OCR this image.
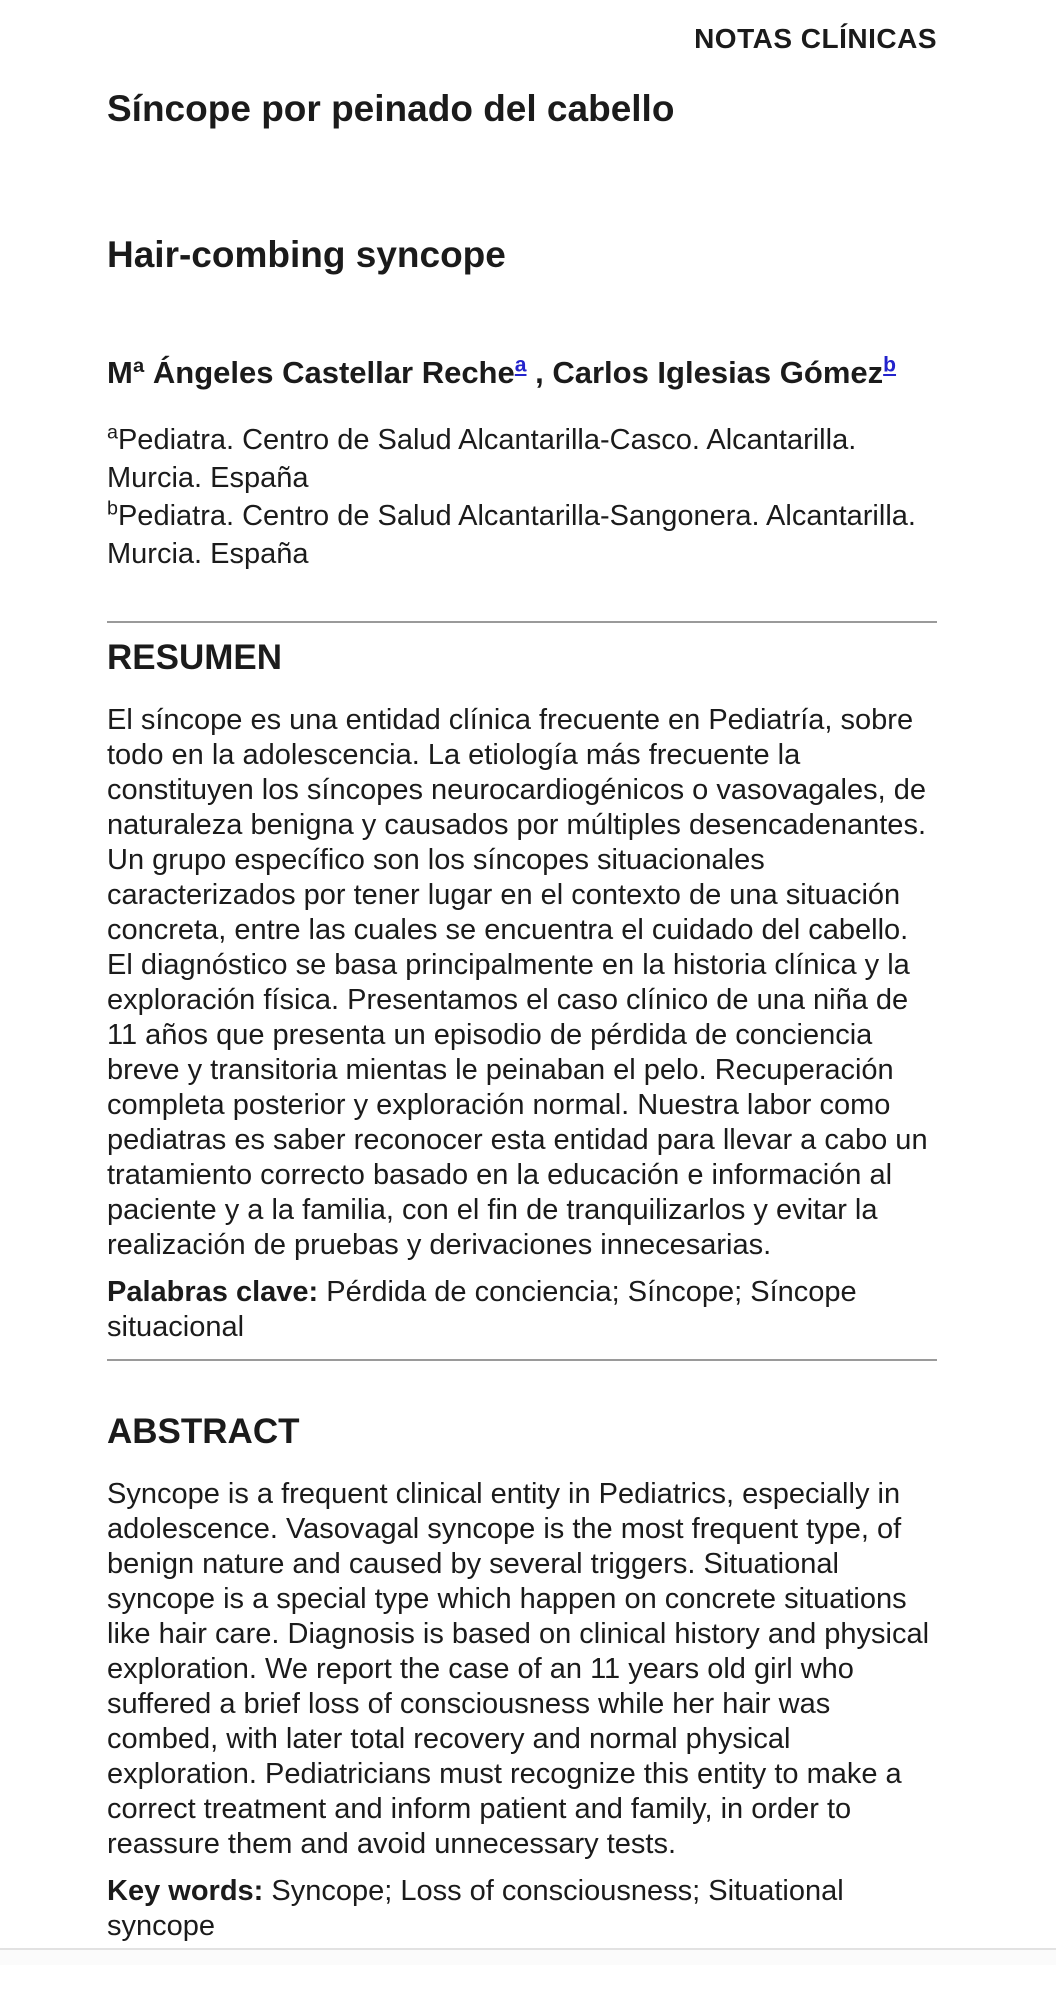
NOTAS CLÍNICAS
Síncope por peinado del cabello
Hair-combing syncope
Mª Ángeles Castellar Reche$^a$ , Carlos Iglesias Gómez$^b$
$^a$Pediatra. Centro de Salud Alcantarilla-Casco. Alcantarilla. Murcia. España
$^b$Pediatra. Centro de Salud Alcantarilla-Sangonera. Alcantarilla. Murcia. España
RESUMEN

El síncope es una entidad clínica frecuente en Pediatría, sobre todo en la adolescencia. La etiología más frecuente la constituyen los síncopes neurocardiogénicos o vasovagales, de naturaleza benigna y causados por múltiples desencadenantes. Un grupo específico son los síncopes situacionales caracterizados por tener lugar en el contexto de una situación concreta, entre las cuales se encuentra el cuidado del cabello. El diagnóstico se basa principalmente en la historia clínica y la exploración física. Presentamos el caso clínico de una niña de 11 años que presenta un episodio de pérdida de conciencia breve y transitoria mientas le peinaban el pelo. Recuperación completa posterior y exploración normal. Nuestra labor como pediatras es saber reconocer esta entidad para llevar a cabo un tratamiento correcto basado en la educación e información al paciente y a la familia, con el fin de tranquilizarlos y evitar la realización de pruebas y derivaciones innecesarias.

Palabras clave: Pérdida de conciencia; Síncope; Síncope situacional

ABSTRACT

Syncope is a frequent clinical entity in Pediatrics, especially in adolescence. Vasovagal syncope is the most frequent type, of benign nature and caused by several triggers. Situational syncope is a special type which happen on concrete situations like hair care. Diagnosis is based on clinical history and physical exploration. We report the case of an 11 years old girl who suffered a brief loss of consciousness while her hair was combed, with later total recovery and normal physical exploration. Pediatricians must recognize this entity to make a correct treatment and inform patient and family, in order to reassure them and avoid unnecessary tests.

Key words: Syncope; Loss of consciousness; Situational syncope
